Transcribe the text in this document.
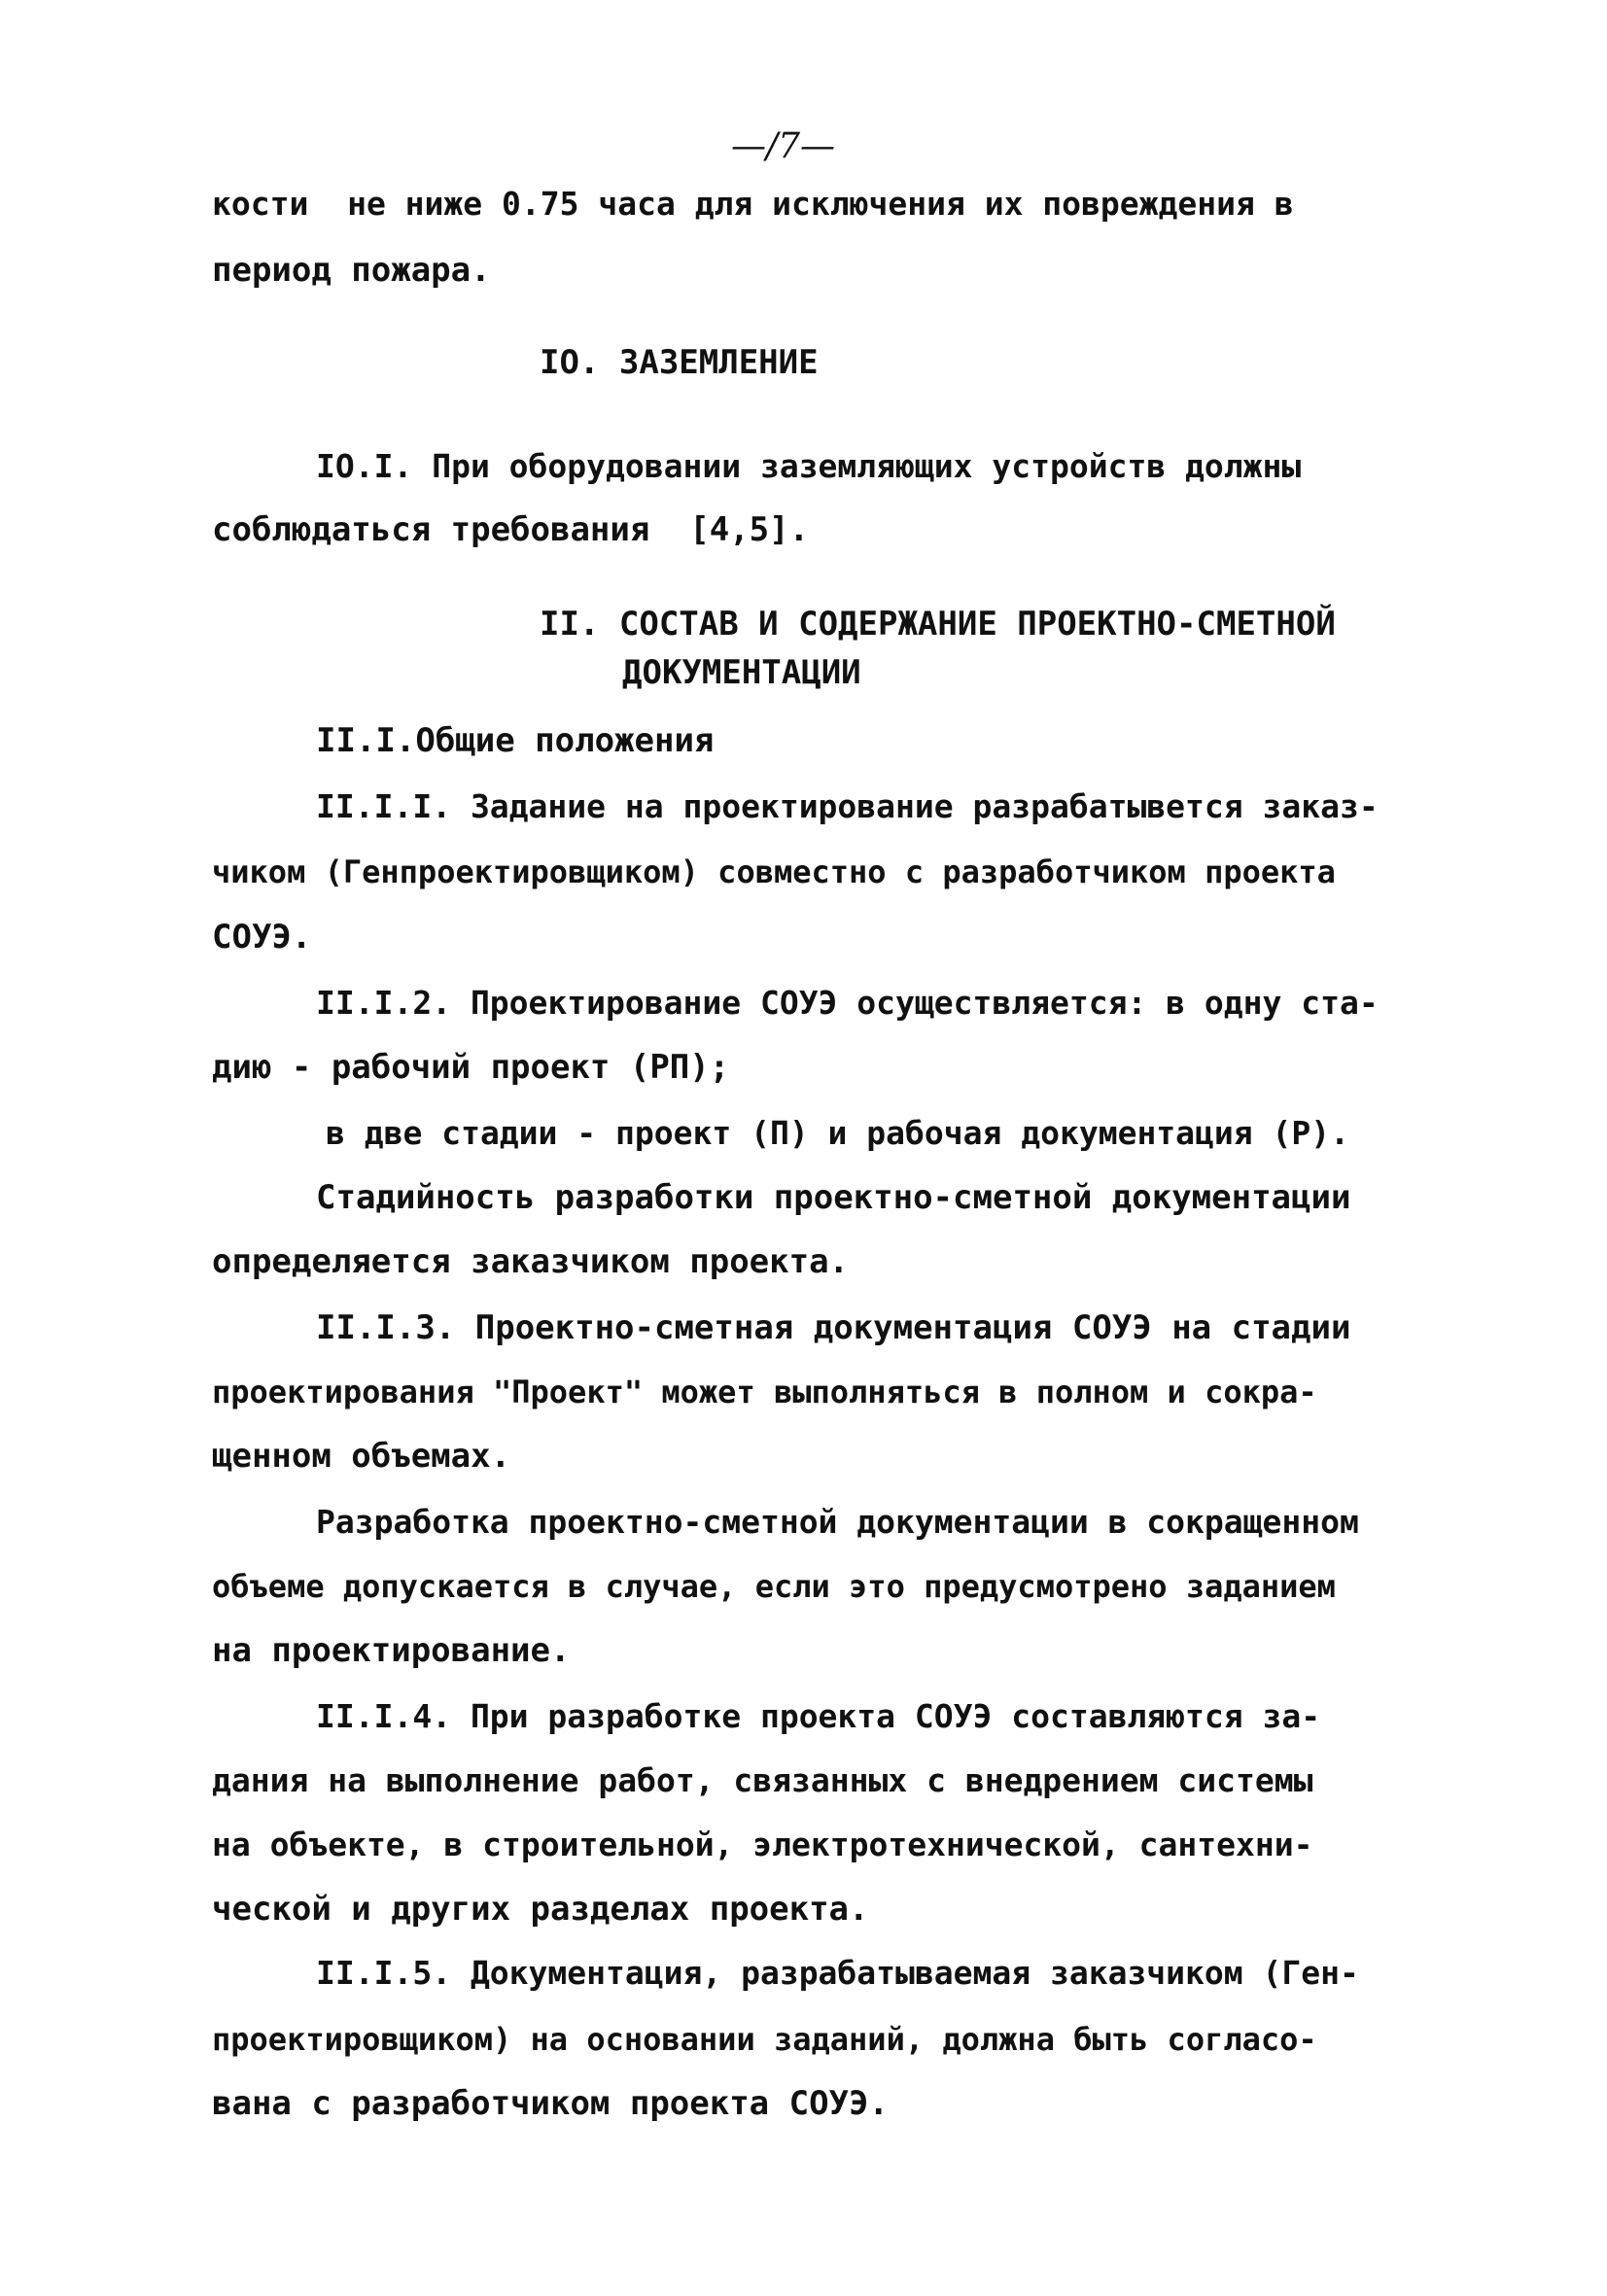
—/7—
кости  не ниже 0.75 часа для исключения их повреждения в
период пожара.
IO. ЗАЗЕМЛЕНИЕ
IO.I. При оборудовании заземляющих устройств должны
соблюдаться требования  [4,5].
II. СОСТАВ И СОДЕРЖАНИЕ ПРОЕКТНО-СМЕТНОЙ
ДОКУМЕНТАЦИИ
II.I.Общие положения
II.I.I. Задание на проектирование разрабатывется заказ-
чиком (Генпроектировщиком) совместно с разработчиком проекта
СОУЭ.
II.I.2. Проектирование СОУЭ осуществляется: в одну ста-
дию - рабочий проект (РП);
в две стадии - проект (П) и рабочая документация (Р).
Стадийность разработки проектно-сметной документации
определяется заказчиком проекта.
II.I.3. Проектно-сметная документация СОУЭ на стадии
проектирования "Проект" может выполняться в полном и сокра-
щенном объемах.
Разработка проектно-сметной документации в сокращенном
объеме допускается в случае, если это предусмотрено заданием
на проектирование.
II.I.4. При разработке проекта СОУЭ составляются за-
дания на выполнение работ, связанных с внедрением системы
на объекте, в строительной, электротехнической, сантехни-
ческой и других разделах проекта.
II.I.5. Документация, разрабатываемая заказчиком (Ген-
проектировщиком) на основании заданий, должна быть согласо-
вана с разработчиком проекта СОУЭ.
